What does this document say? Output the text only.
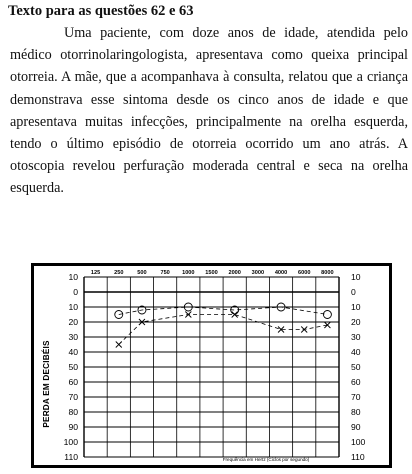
Texto para as questões 62 e 63

Uma paciente, com doze anos de idade, atendida pelo médico otorrinolaringologista, apresentava como queixa principal otorreia. A mãe, que a acompanhava à consulta, relatou que a criança demonstrava esse sintoma desde os cinco anos de idade e que apresentava muitas infecções, principalmente na orelha esquerda, tendo o último episódio de otorreia ocorrido um ano atrás. A otoscopia revelou perfuração moderada central e seca na orelha esquerda.

10
0
10
20
30
40
50
60
70
80
90
100
110
10
0
10
20
30
40
50
60
70
80
90
100
110
125 250 500 750 1000 1500 2000 3000 4000 6000 8000
PERDA EM DECIBÉIS
Frequência em Hertz (Ciclos por segundo)
